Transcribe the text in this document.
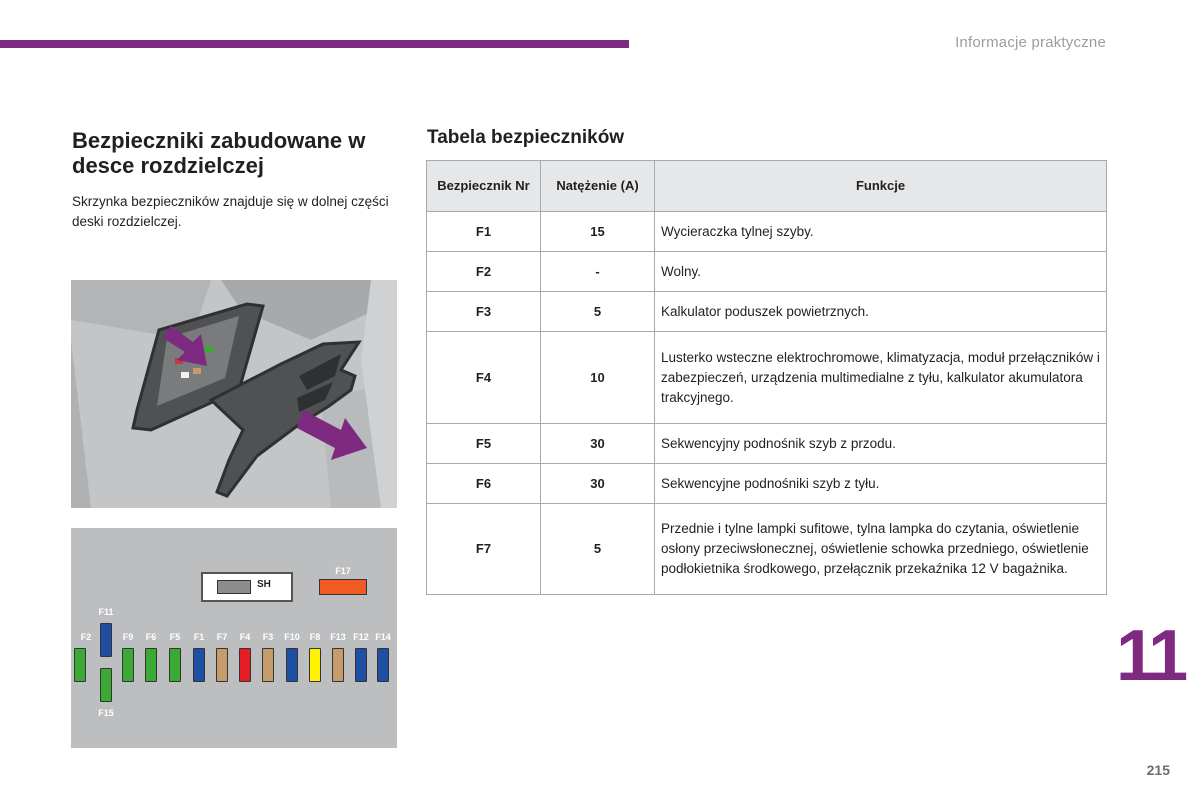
Informacje praktyczne
Bezpieczniki zabudowane w desce rozdzielczej

Skrzynka bezpieczników znajduje się w dolnej części deski rozdzielczej.

SH
F17
F2
F11
F15
F9 F6 F5 F1 F7 F4 F3 F10 F8 F13 F12 F14
Tabela bezpieczników
Bezpiecznik Nr	Natężenie (A)	Funkcje
F1	15	Wycieraczka tylnej szyby.
F2	-	Wolny.
F3	5	Kalkulator poduszek powietrznych.
F4	10	Lusterko wsteczne elektrochromowe, klimatyzacja, moduł przełączników i zabezpieczeń, urządzenia multimedialne z tyłu, kalkulator akumulatora trakcyjnego.
F5	30	Sekwencyjny podnośnik szyb z przodu.
F6	30	Sekwencyjne podnośniki szyb z tyłu.
F7	5	Przednie i tylne lampki sufitowe, tylna lampka do czytania, oświetlenie osłony przeciwsłonecznej, oświetlenie schowka przedniego, oświetlenie podłokietnika środkowego, przełącznik przekaźnika 12 V bagażnika.
11
215
